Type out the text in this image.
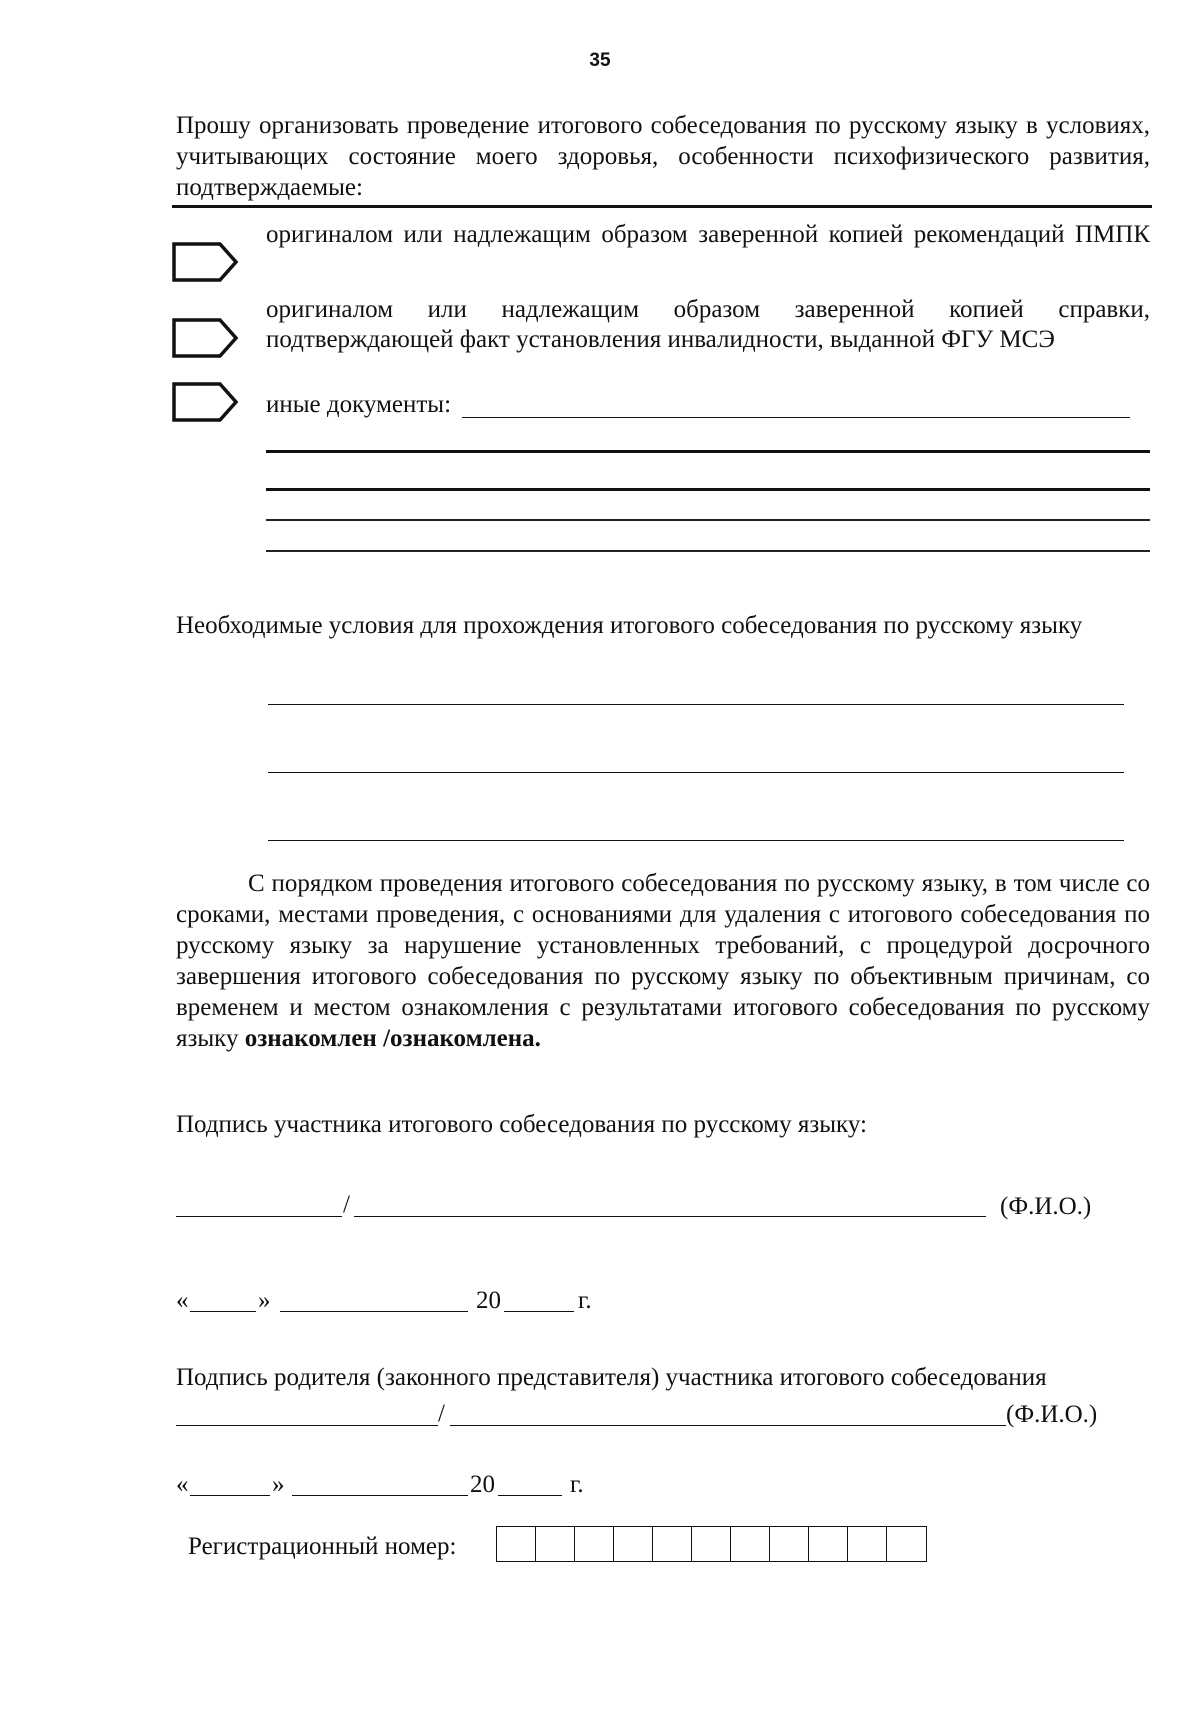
35
Прошу организовать проведение итогового собеседования по русскому языку в условиях, учитывающих состояние моего здоровья, особенности психофизического развития, подтверждаемые:
оригиналом или надлежащим образом заверенной копией рекомендаций ПМПК
оригиналом или надлежащим образом заверенной копией справки, подтверждающей факт установления инвалидности, выданной ФГУ МСЭ
иные документы:
Необходимые условия для прохождения итогового собеседования по русскому языку
С порядком проведения итогового собеседования по русскому языку, в том числе со сроками, местами проведения, с основаниями для удаления с итогового собеседования по русскому языку за нарушение установленных требований, с процедурой досрочного завершения итогового собеседования по русскому языку по объективным причинам, со временем и местом ознакомления с результатами итогового собеседования по русскому языку ознакомлен /ознакомлена.
Подпись участника итогового собеседования по русскому языку:
/	(Ф.И.О.)
«	»	20	г.
Подпись родителя (законного представителя) участника итогового собеседования
/	(Ф.И.О.)
«	»	20	г.
Регистрационный номер:
